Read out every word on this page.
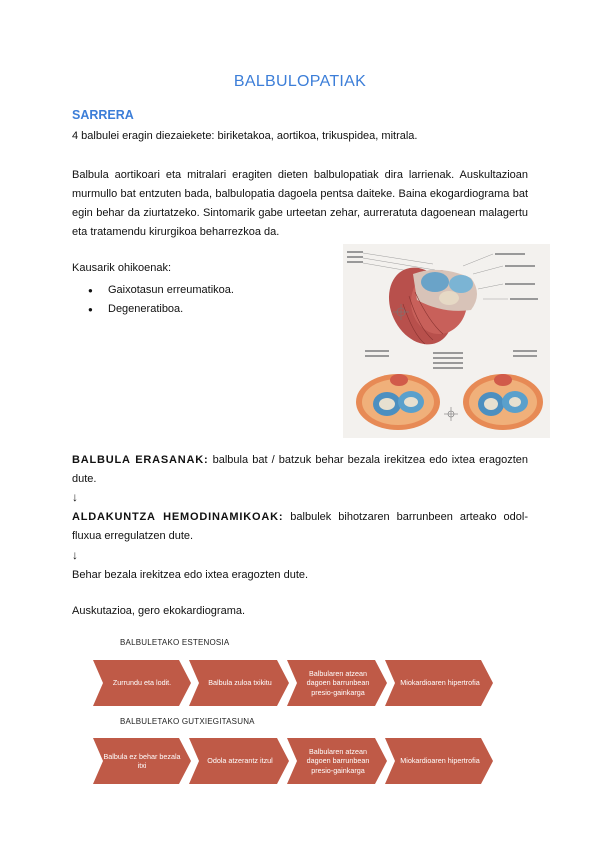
BALBULOPATIAK
SARRERA
4 balbulei eragin diezaiekete: biriketakoa, aortikoa, trikuspidea, mitrala.
Balbula aortikoari eta mitralari eragiten dieten balbulopatiak dira larrienak. Auskultazioan murmullo bat entzuten bada, balbulopatia dagoela pentsa daiteke. Baina ekogardiograma bat egin behar da ziurtatzeko. Sintomarik gabe urteetan zehar, aurreratuta dagoenean malagertu eta tratamendu kirurgikoa beharrezkoa da.
Kausarik ohikoenak:
● Gaixotasun erreumatikoa.
● Degeneratiboa.
BALBULA ERASANAK: balbula bat / batzuk behar bezala irekitzea edo ixtea eragozten dute.
↓
ALDAKUNTZA HEMODINAMIKOAK: balbulek bihotzaren barrunbeen arteako odol-fluxua erregulatzen dute.
↓
Behar bezala irekitzea edo ixtea eragozten dute.
Auskutazioa, gero ekokardiograma.
BALBULETAKO ESTENOSIA
Zurrundu eta lodit.	Balbula zuloa txikitu
Balbularen atzean dagoen barrunbean presio-gainkarga
Miokardioaren hipertrofia
BALBULETAKO GUTXIEGITASUNA
Balbula ez behar bezala itxi
Odola atzerantz itzul
Balbularen atzean dagoen barrunbean presio-gainkarga
Miokardioaren hipertrofia
